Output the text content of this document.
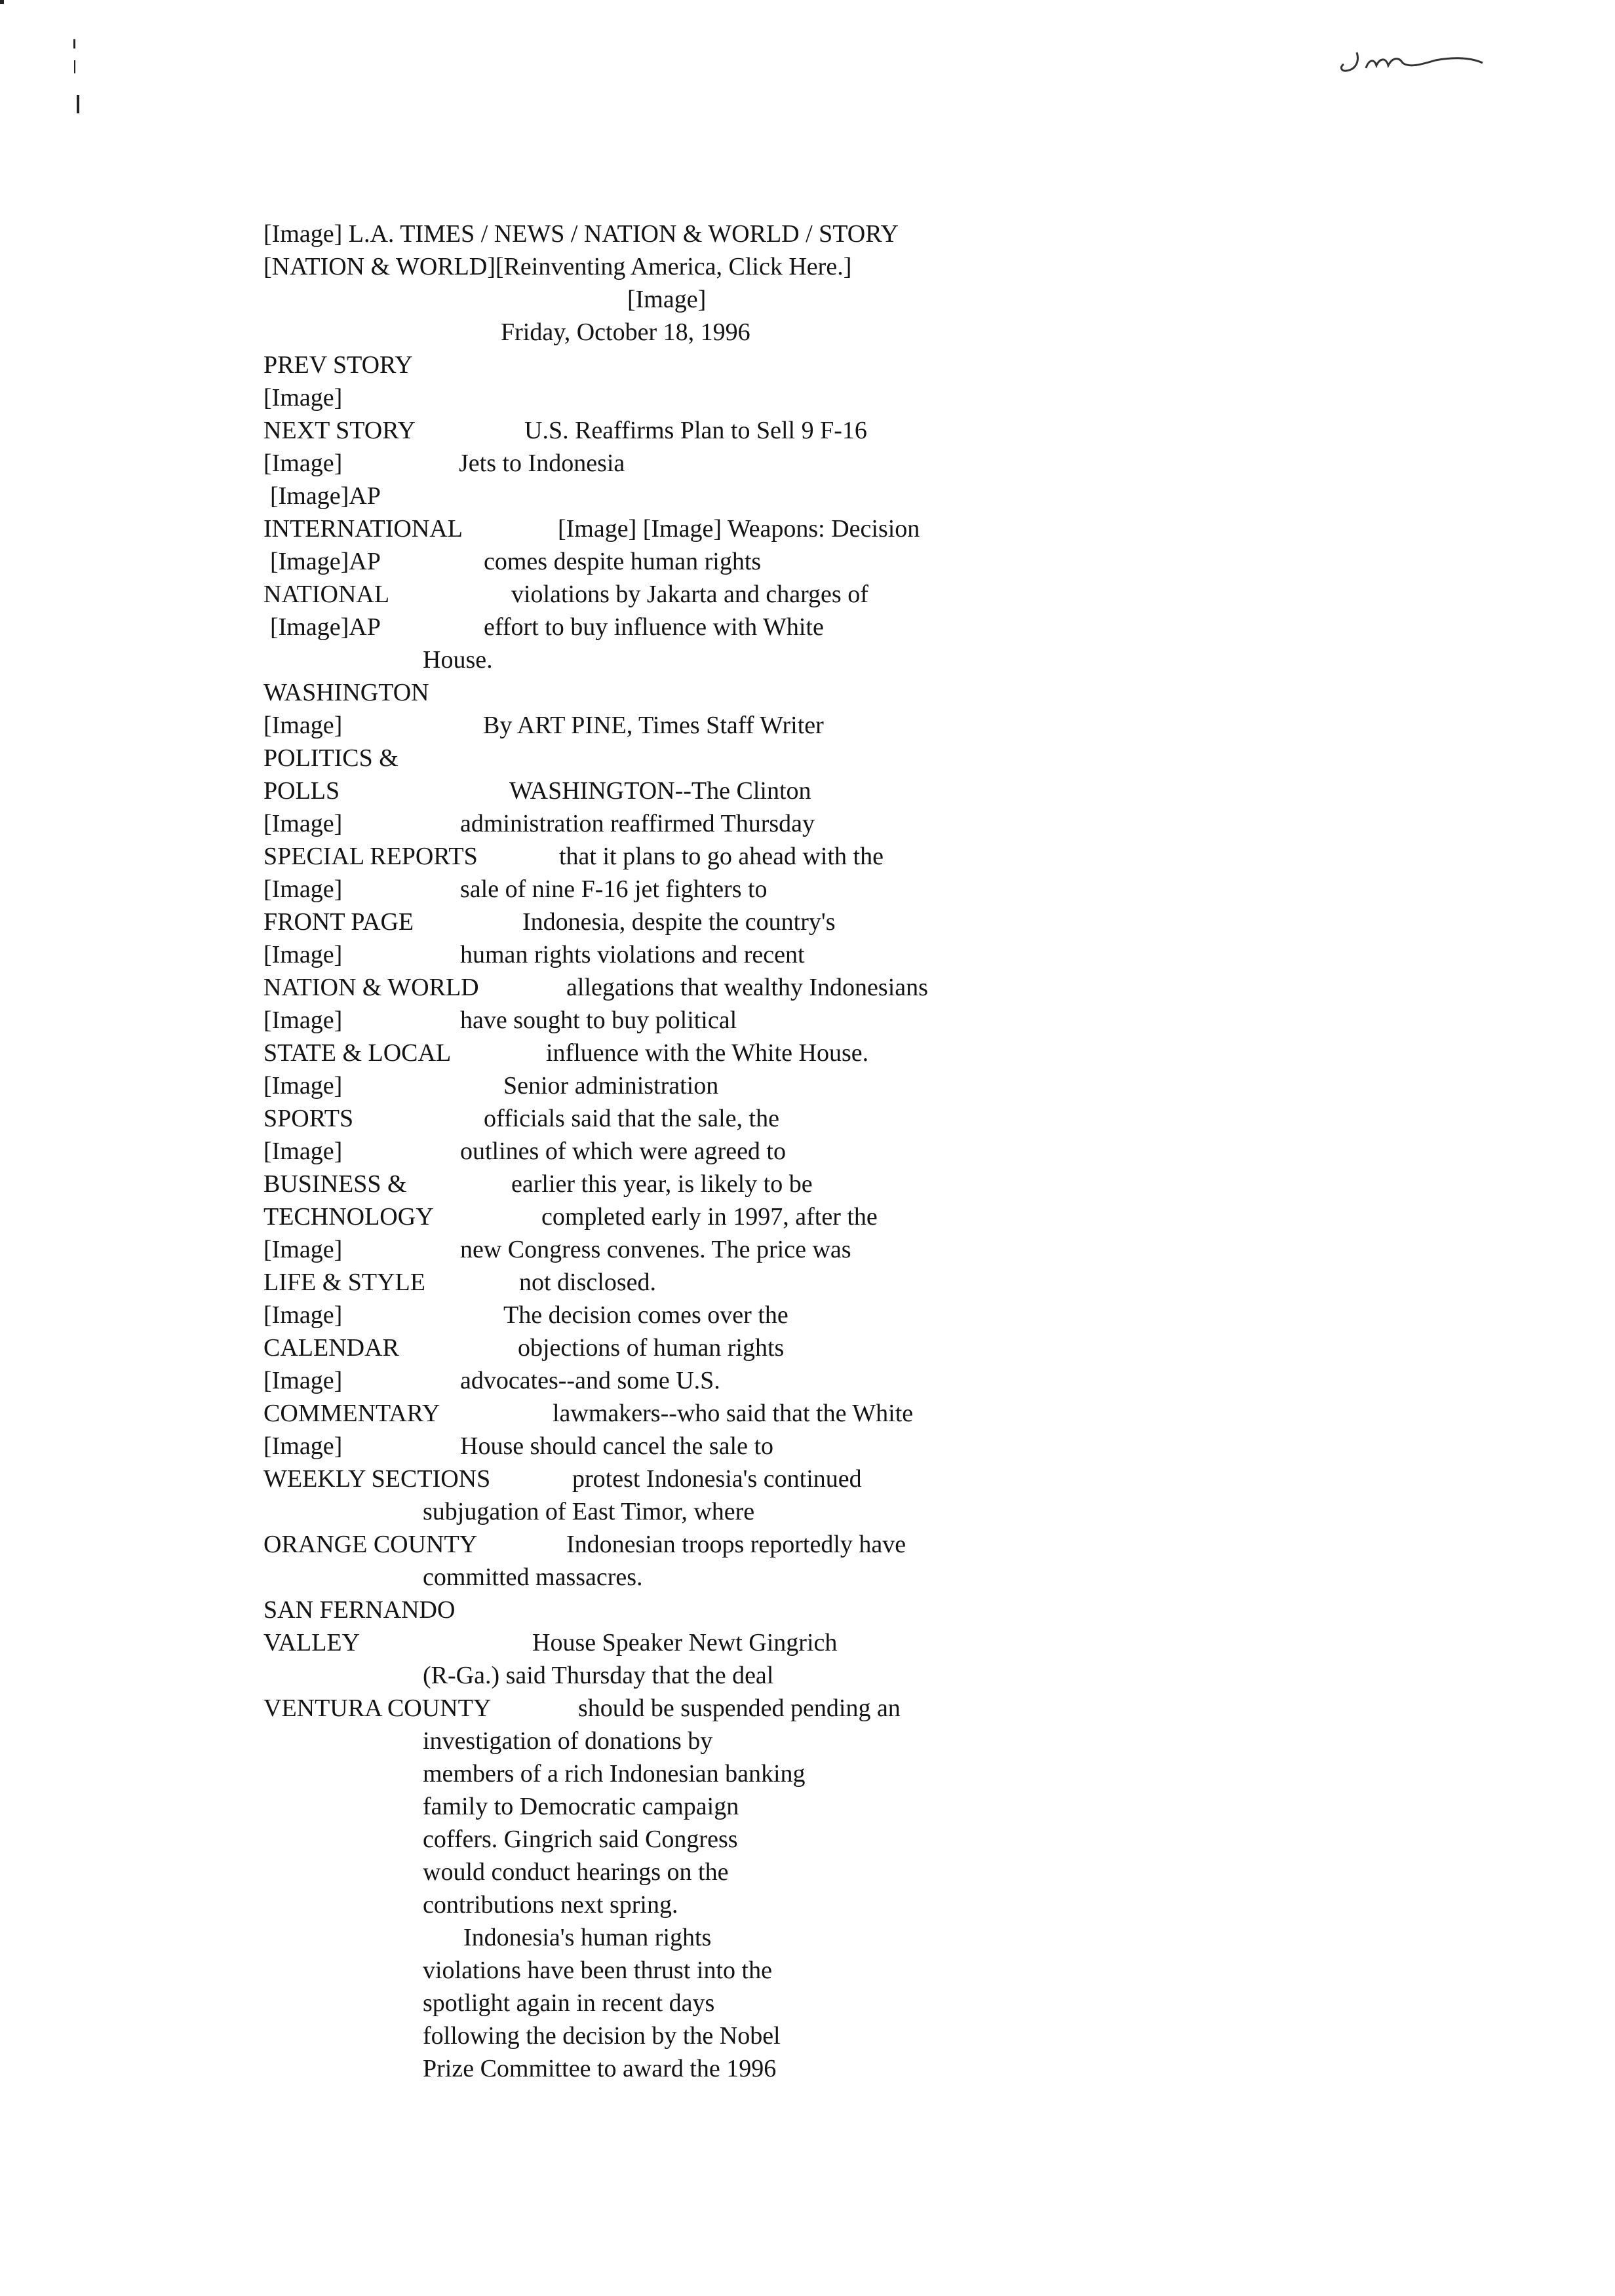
[Image] L.A. TIMES / NEWS / NATION & WORLD / STORY
[NATION & WORLD][Reinventing America, Click Here.]
[Image]
Friday, October 18, 1996
PREV STORY
[Image]
NEXT STORY
[Image]
[Image]AP
INTERNATIONAL
[Image]AP
NATIONAL
[Image]AP
WASHINGTON
[Image]
POLITICS &
POLLS
[Image]
SPECIAL REPORTS
[Image]
FRONT PAGE
[Image]
NATION & WORLD
[Image]
STATE & LOCAL
[Image]
SPORTS
[Image]
BUSINESS &
TECHNOLOGY
[Image]
LIFE & STYLE
[Image]
CALENDAR
[Image]
COMMENTARY
[Image]
WEEKLY SECTIONS
ORANGE COUNTY
SAN FERNANDO
VALLEY
VENTURA COUNTY
U.S. Reaffirms Plan to Sell 9 F-16
Jets to Indonesia
[Image] [Image] Weapons: Decision
comes despite human rights
violations by Jakarta and charges of
effort to buy influence with White
House.
By ART PINE, Times Staff Writer
WASHINGTON--The Clinton
administration reaffirmed Thursday
that it plans to go ahead with the
sale of nine F-16 jet fighters to
Indonesia, despite the country's
human rights violations and recent
allegations that wealthy Indonesians
have sought to buy political
influence with the White House.
Senior administration
officials said that the sale, the
outlines of which were agreed to
earlier this year, is likely to be
completed early in 1997, after the
new Congress convenes. The price was
not disclosed.
The decision comes over the
objections of human rights
advocates--and some U.S.
lawmakers--who said that the White
House should cancel the sale to
protest Indonesia's continued
subjugation of East Timor, where
Indonesian troops reportedly have
committed massacres.
House Speaker Newt Gingrich
(R-Ga.) said Thursday that the deal
should be suspended pending an
investigation of donations by
members of a rich Indonesian banking
family to Democratic campaign
coffers. Gingrich said Congress
would conduct hearings on the
contributions next spring.
Indonesia's human rights
violations have been thrust into the
spotlight again in recent days
following the decision by the Nobel
Prize Committee to award the 1996
